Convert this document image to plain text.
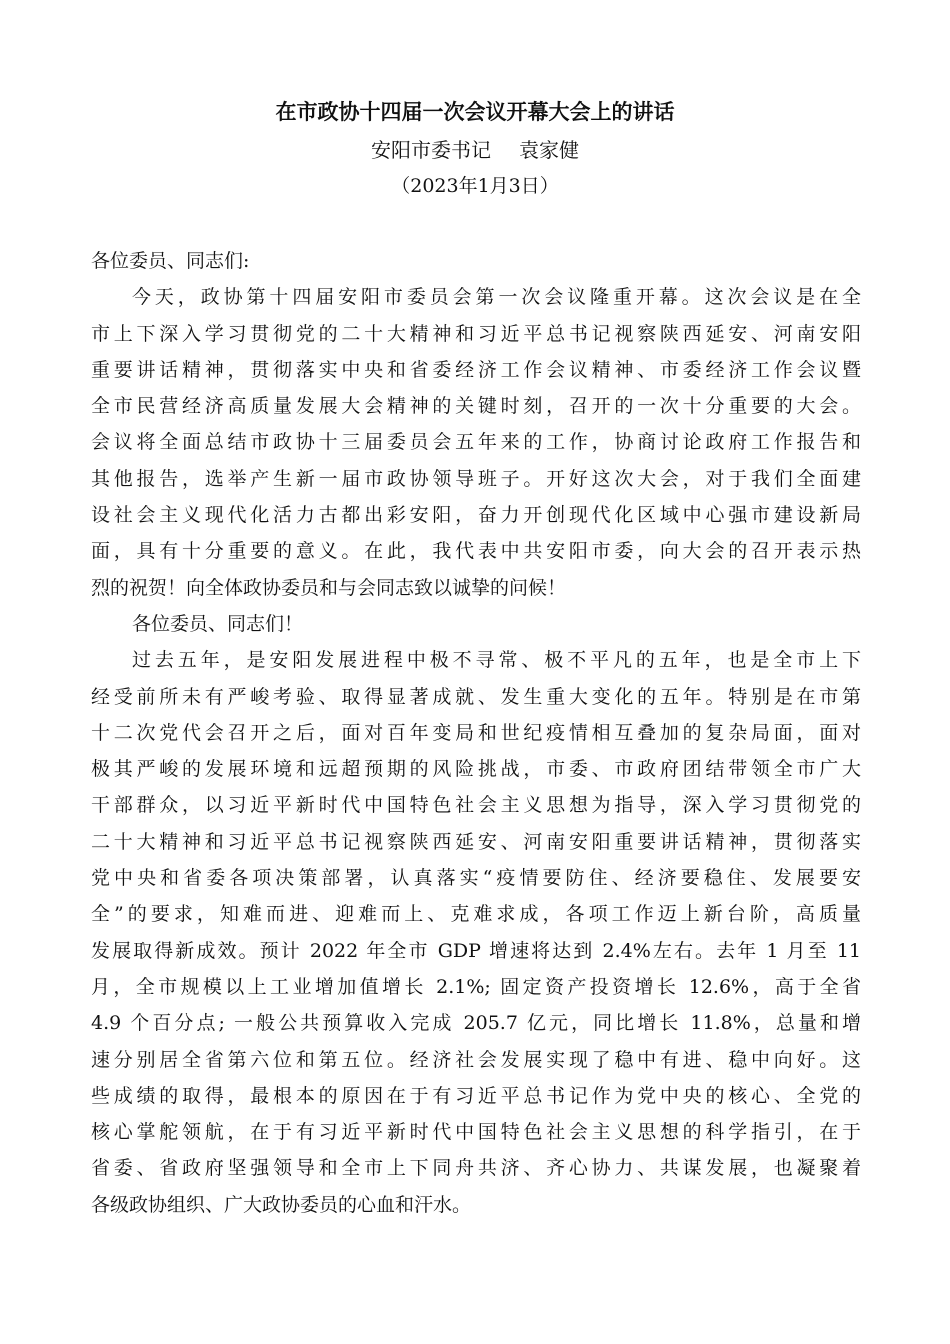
在市政协十四届一次会议开幕大会上的讲话
安阳市委书记 袁家健
（2023年1月3日）
各位委员、同志们:
今天，政协第十四届安阳市委员会第一次会议隆重开幕。这次会议是在全
市上下深入学习贯彻党的二十大精神和习近平总书记视察陕西延安、河南安阳
重要讲话精神，贯彻落实中央和省委经济工作会议精神、市委经济工作会议暨
全市民营经济高质量发展大会精神的关键时刻，召开的一次十分重要的大会。
会议将全面总结市政协十三届委员会五年来的工作，协商讨论政府工作报告和
其他报告，选举产生新一届市政协领导班子。开好这次大会，对于我们全面建
设社会主义现代化活力古都出彩安阳，奋力开创现代化区域中心强市建设新局
面，具有十分重要的意义。在此，我代表中共安阳市委，向大会的召开表示热
烈的祝贺！向全体政协委员和与会同志致以诚挚的问候！
各位委员、同志们！
过去五年，是安阳发展进程中极不寻常、极不平凡的五年，也是全市上下
经受前所未有严峻考验、取得显著成就、发生重大变化的五年。特别是在市第
十二次党代会召开之后，面对百年变局和世纪疫情相互叠加的复杂局面，面对
极其严峻的发展环境和远超预期的风险挑战，市委、市政府团结带领全市广大
干部群众，以习近平新时代中国特色社会主义思想为指导，深入学习贯彻党的
二十大精神和习近平总书记视察陕西延安、河南安阳重要讲话精神，贯彻落实
党中央和省委各项决策部署，认真落实“疫情要防住、经济要稳住、发展要安
全”的要求，知难而进、迎难而上、克难求成，各项工作迈上新台阶，高质量
发展取得新成效。预计 2022 年全市 GDP 增速将达到 2.4%左右。去年 1 月至 11
月，全市规模以上工业增加值增长 2.1%; 固定资产投资增长 12.6%，高于全省
4.9 个百分点; 一般公共预算收入完成 205.7 亿元，同比增长 11.8%，总量和增
速分别居全省第六位和第五位。经济社会发展实现了稳中有进、稳中向好。这
些成绩的取得，最根本的原因在于有习近平总书记作为党中央的核心、全党的
核心掌舵领航，在于有习近平新时代中国特色社会主义思想的科学指引，在于
省委、省政府坚强领导和全市上下同舟共济、齐心协力、共谋发展，也凝聚着
各级政协组织、广大政协委员的心血和汗水。
